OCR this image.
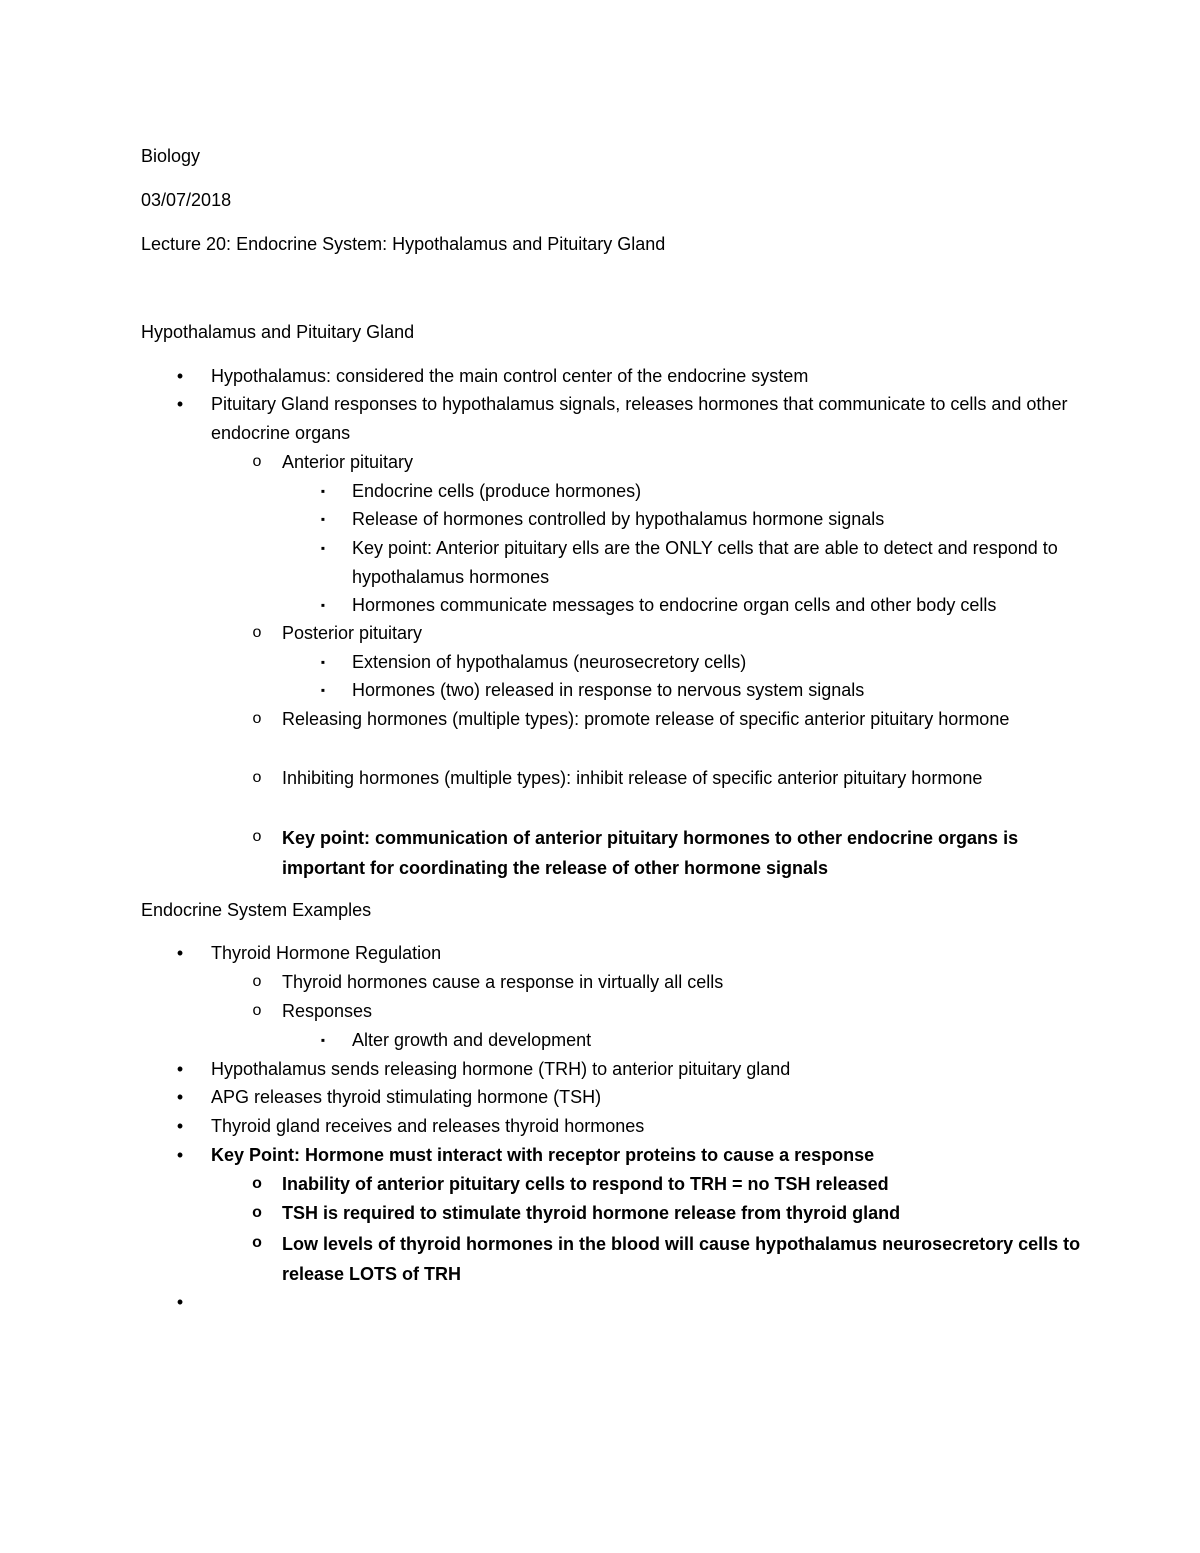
Biology
03/07/2018
Lecture 20: Endocrine System: Hypothalamus and Pituitary Gland
Hypothalamus and Pituitary Gland
• Hypothalamus: considered the main control center of the endocrine system
• Pituitary Gland responses to hypothalamus signals, releases hormones that communicate to cells and other endocrine organs
o Anterior pituitary
▪ Endocrine cells (produce hormones)
▪ Release of hormones controlled by hypothalamus hormone signals
▪ Key point: Anterior pituitary ells are the ONLY cells that are able to detect and respond to hypothalamus hormones
▪ Hormones communicate messages to endocrine organ cells and other body cells
o Posterior pituitary
▪ Extension of hypothalamus (neurosecretory cells)
▪ Hormones (two) released in response to nervous system signals
o Releasing hormones (multiple types): promote release of specific anterior pituitary hormone
o Inhibiting hormones (multiple types): inhibit release of specific anterior pituitary hormone
o Key point: communication of anterior pituitary hormones to other endocrine organs is important for coordinating the release of other hormone signals
Endocrine System Examples
• Thyroid Hormone Regulation
o Thyroid hormones cause a response in virtually all cells
o Responses
▪ Alter growth and development
• Hypothalamus sends releasing hormone (TRH) to anterior pituitary gland
• APG releases thyroid stimulating hormone (TSH)
• Thyroid gland receives and releases thyroid hormones
• Key Point: Hormone must interact with receptor proteins to cause a response
o Inability of anterior pituitary cells to respond to TRH = no TSH released
o TSH is required to stimulate thyroid hormone release from thyroid gland
o Low levels of thyroid hormones in the blood will cause hypothalamus neurosecretory cells to release LOTS of TRH
•
